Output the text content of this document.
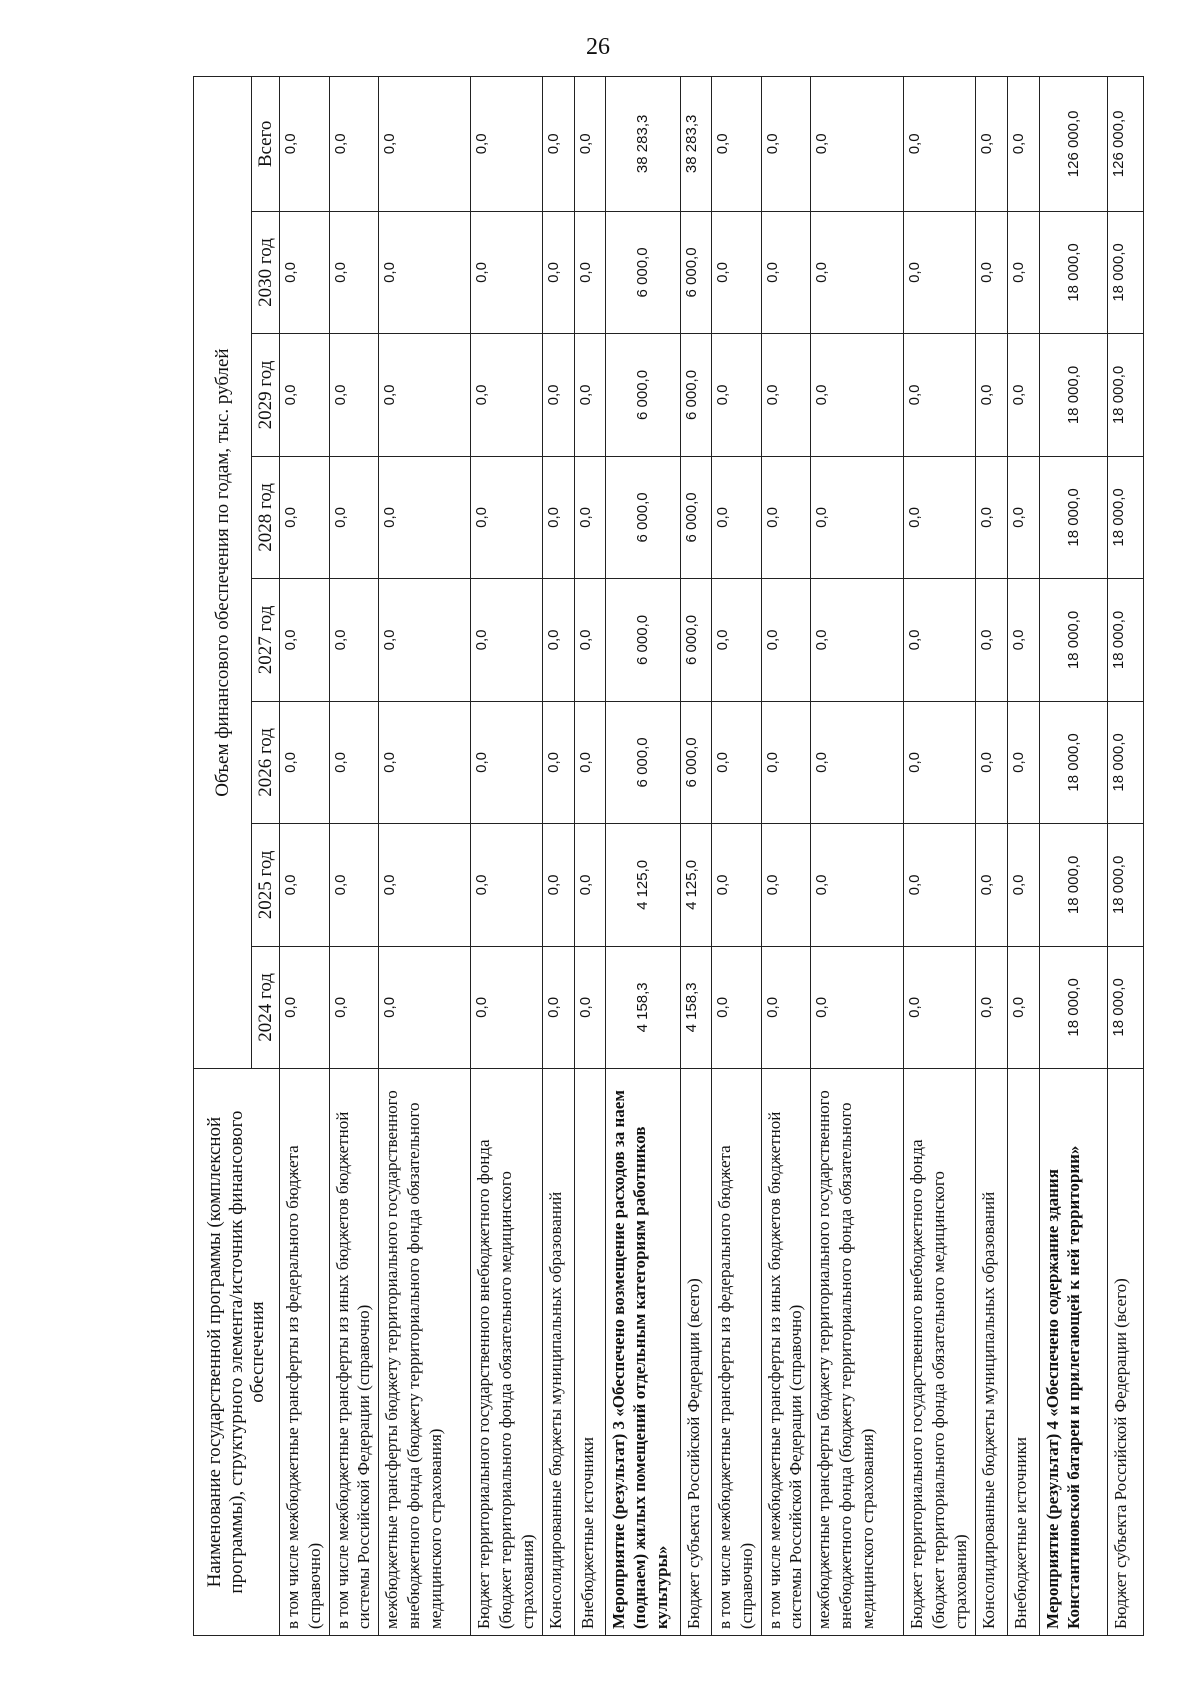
26
Наименование государственной программы (комплексной программы), структурного элемента/источник финансового обеспечения	Объем финансового обеспечения по годам, тыс. рублей							
	2024 год	2025 год	2026 год	2027 год	2028 год	2029 год	2030 год	Всего
в том числе межбюджетные трансферты из федерального бюджета (справочно)	0,0	0,0	0,0	0,0	0,0	0,0	0,0	0,0
в том числе межбюджетные трансферты из иных бюджетов бюджетной системы Российской Федерации (справочно)	0,0	0,0	0,0	0,0	0,0	0,0	0,0	0,0
межбюджетные трансферты бюджету территориального государственного внебюджетного фонда (бюджету территориального фонда обязательного медицинского страхования)	0,0	0,0	0,0	0,0	0,0	0,0	0,0	0,0
Бюджет территориального государственного внебюджетного фонда (бюджет территориального фонда обязательного медицинского страхования)	0,0	0,0	0,0	0,0	0,0	0,0	0,0	0,0
Консолидированные бюджеты муниципальных образований	0,0	0,0	0,0	0,0	0,0	0,0	0,0	0,0
Внебюджетные источники	0,0	0,0	0,0	0,0	0,0	0,0	0,0	0,0
Мероприятие (результат) 3 «Обеспечено возмещение расходов за наем (поднаем) жилых помещений отдельным категориям работников культуры»	4 158,3	4 125,0	6 000,0	6 000,0	6 000,0	6 000,0	6 000,0	38 283,3
Бюджет субъекта Российской Федерации (всего)	4 158,3	4 125,0	6 000,0	6 000,0	6 000,0	6 000,0	6 000,0	38 283,3
в том числе межбюджетные трансферты из федерального бюджета (справочно)	0,0	0,0	0,0	0,0	0,0	0,0	0,0	0,0
в том числе межбюджетные трансферты из иных бюджетов бюджетной системы Российской Федерации (справочно)	0,0	0,0	0,0	0,0	0,0	0,0	0,0	0,0
межбюджетные трансферты бюджету территориального государственного внебюджетного фонда (бюджету территориального фонда обязательного медицинского страхования)	0,0	0,0	0,0	0,0	0,0	0,0	0,0	0,0
Бюджет территориального государственного внебюджетного фонда (бюджет территориального фонда обязательного медицинского страхования)	0,0	0,0	0,0	0,0	0,0	0,0	0,0	0,0
Консолидированные бюджеты муниципальных образований	0,0	0,0	0,0	0,0	0,0	0,0	0,0	0,0
Внебюджетные источники	0,0	0,0	0,0	0,0	0,0	0,0	0,0	0,0
Мероприятие (результат) 4 «Обеспечено содержание здания Константиновской батареи и прилегающей к ней территории»	18 000,0	18 000,0	18 000,0	18 000,0	18 000,0	18 000,0	18 000,0	126 000,0
Бюджет субъекта Российской Федерации (всего)	18 000,0	18 000,0	18 000,0	18 000,0	18 000,0	18 000,0	18 000,0	126 000,0
